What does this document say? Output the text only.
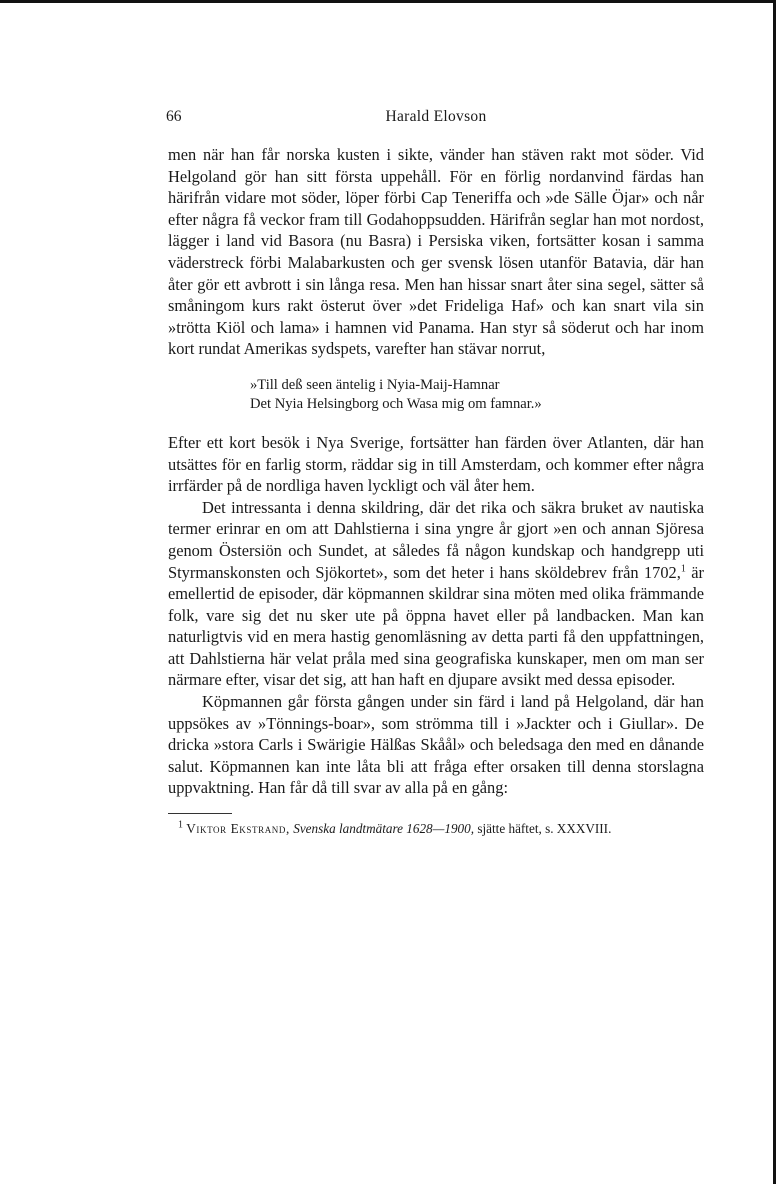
66	Harald Elovson

men när han får norska kusten i sikte, vänder han stäven rakt mot söder. Vid Helgoland gör han sitt första uppehåll. För en förlig nordanvind färdas han härifrån vidare mot söder, löper förbi Cap Teneriffa och »de Sälle Öjar» och når efter några få veckor fram till Godahoppsudden. Härifrån seglar han mot nordost, lägger i land vid Basora (nu Basra) i Persiska viken, fortsätter kosan i samma väderstreck förbi Malabarkusten och ger svensk lösen utanför Batavia, där han åter gör ett avbrott i sin långa resa. Men han hissar snart åter sina segel, sätter så småningom kurs rakt österut över »det Frideliga Haf» och kan snart vila sin »trötta Kiöl och lama» i hamnen vid Panama. Han styr så söderut och har inom kort rundat Amerikas sydspets, varefter han stävar norrut,

»Till deß seen äntelig i Nyia-Maij-Hamnar
Det Nyia Helsingborg och Wasa mig om famnar.»

Efter ett kort besök i Nya Sverige, fortsätter han färden över Atlanten, där han utsättes för en farlig storm, räddar sig in till Amsterdam, och kommer efter några irrfärder på de nordliga haven lyckligt och väl åter hem.

Det intressanta i denna skildring, där det rika och säkra bruket av nautiska termer erinrar en om att Dahlstierna i sina yngre år gjort »en och annan Sjöresa genom Östersiön och Sundet, at således få någon kundskap och handgrepp uti Styrmanskonsten och Sjökortet», som det heter i hans sköldebrev från 1702,$^1$ är emellertid de episoder, där köpmannen skildrar sina möten med olika främmande folk, vare sig det nu sker ute på öppna havet eller på landbacken. Man kan naturligtvis vid en mera hastig genomläsning av detta parti få den uppfattningen, att Dahlstierna här velat pråla med sina geografiska kunskaper, men om man ser närmare efter, visar det sig, att han haft en djupare avsikt med dessa episoder.

Köpmannen går första gången under sin färd i land på Helgoland, där han uppsökes av »Tönnings-boar», som strömma till i »Jackter och i Giullar». De dricka »stora Carls i Swärigie Hälßas Skåål» och beledsaga den med en dånande salut. Köpmannen kan inte låta bli att fråga efter orsaken till denna storslagna uppvaktning. Han får då till svar av alla på en gång:

$^1$ Viktor Ekstrand, Svenska landtmätare 1628—1900, sjätte häftet, s. XXXVIII.
